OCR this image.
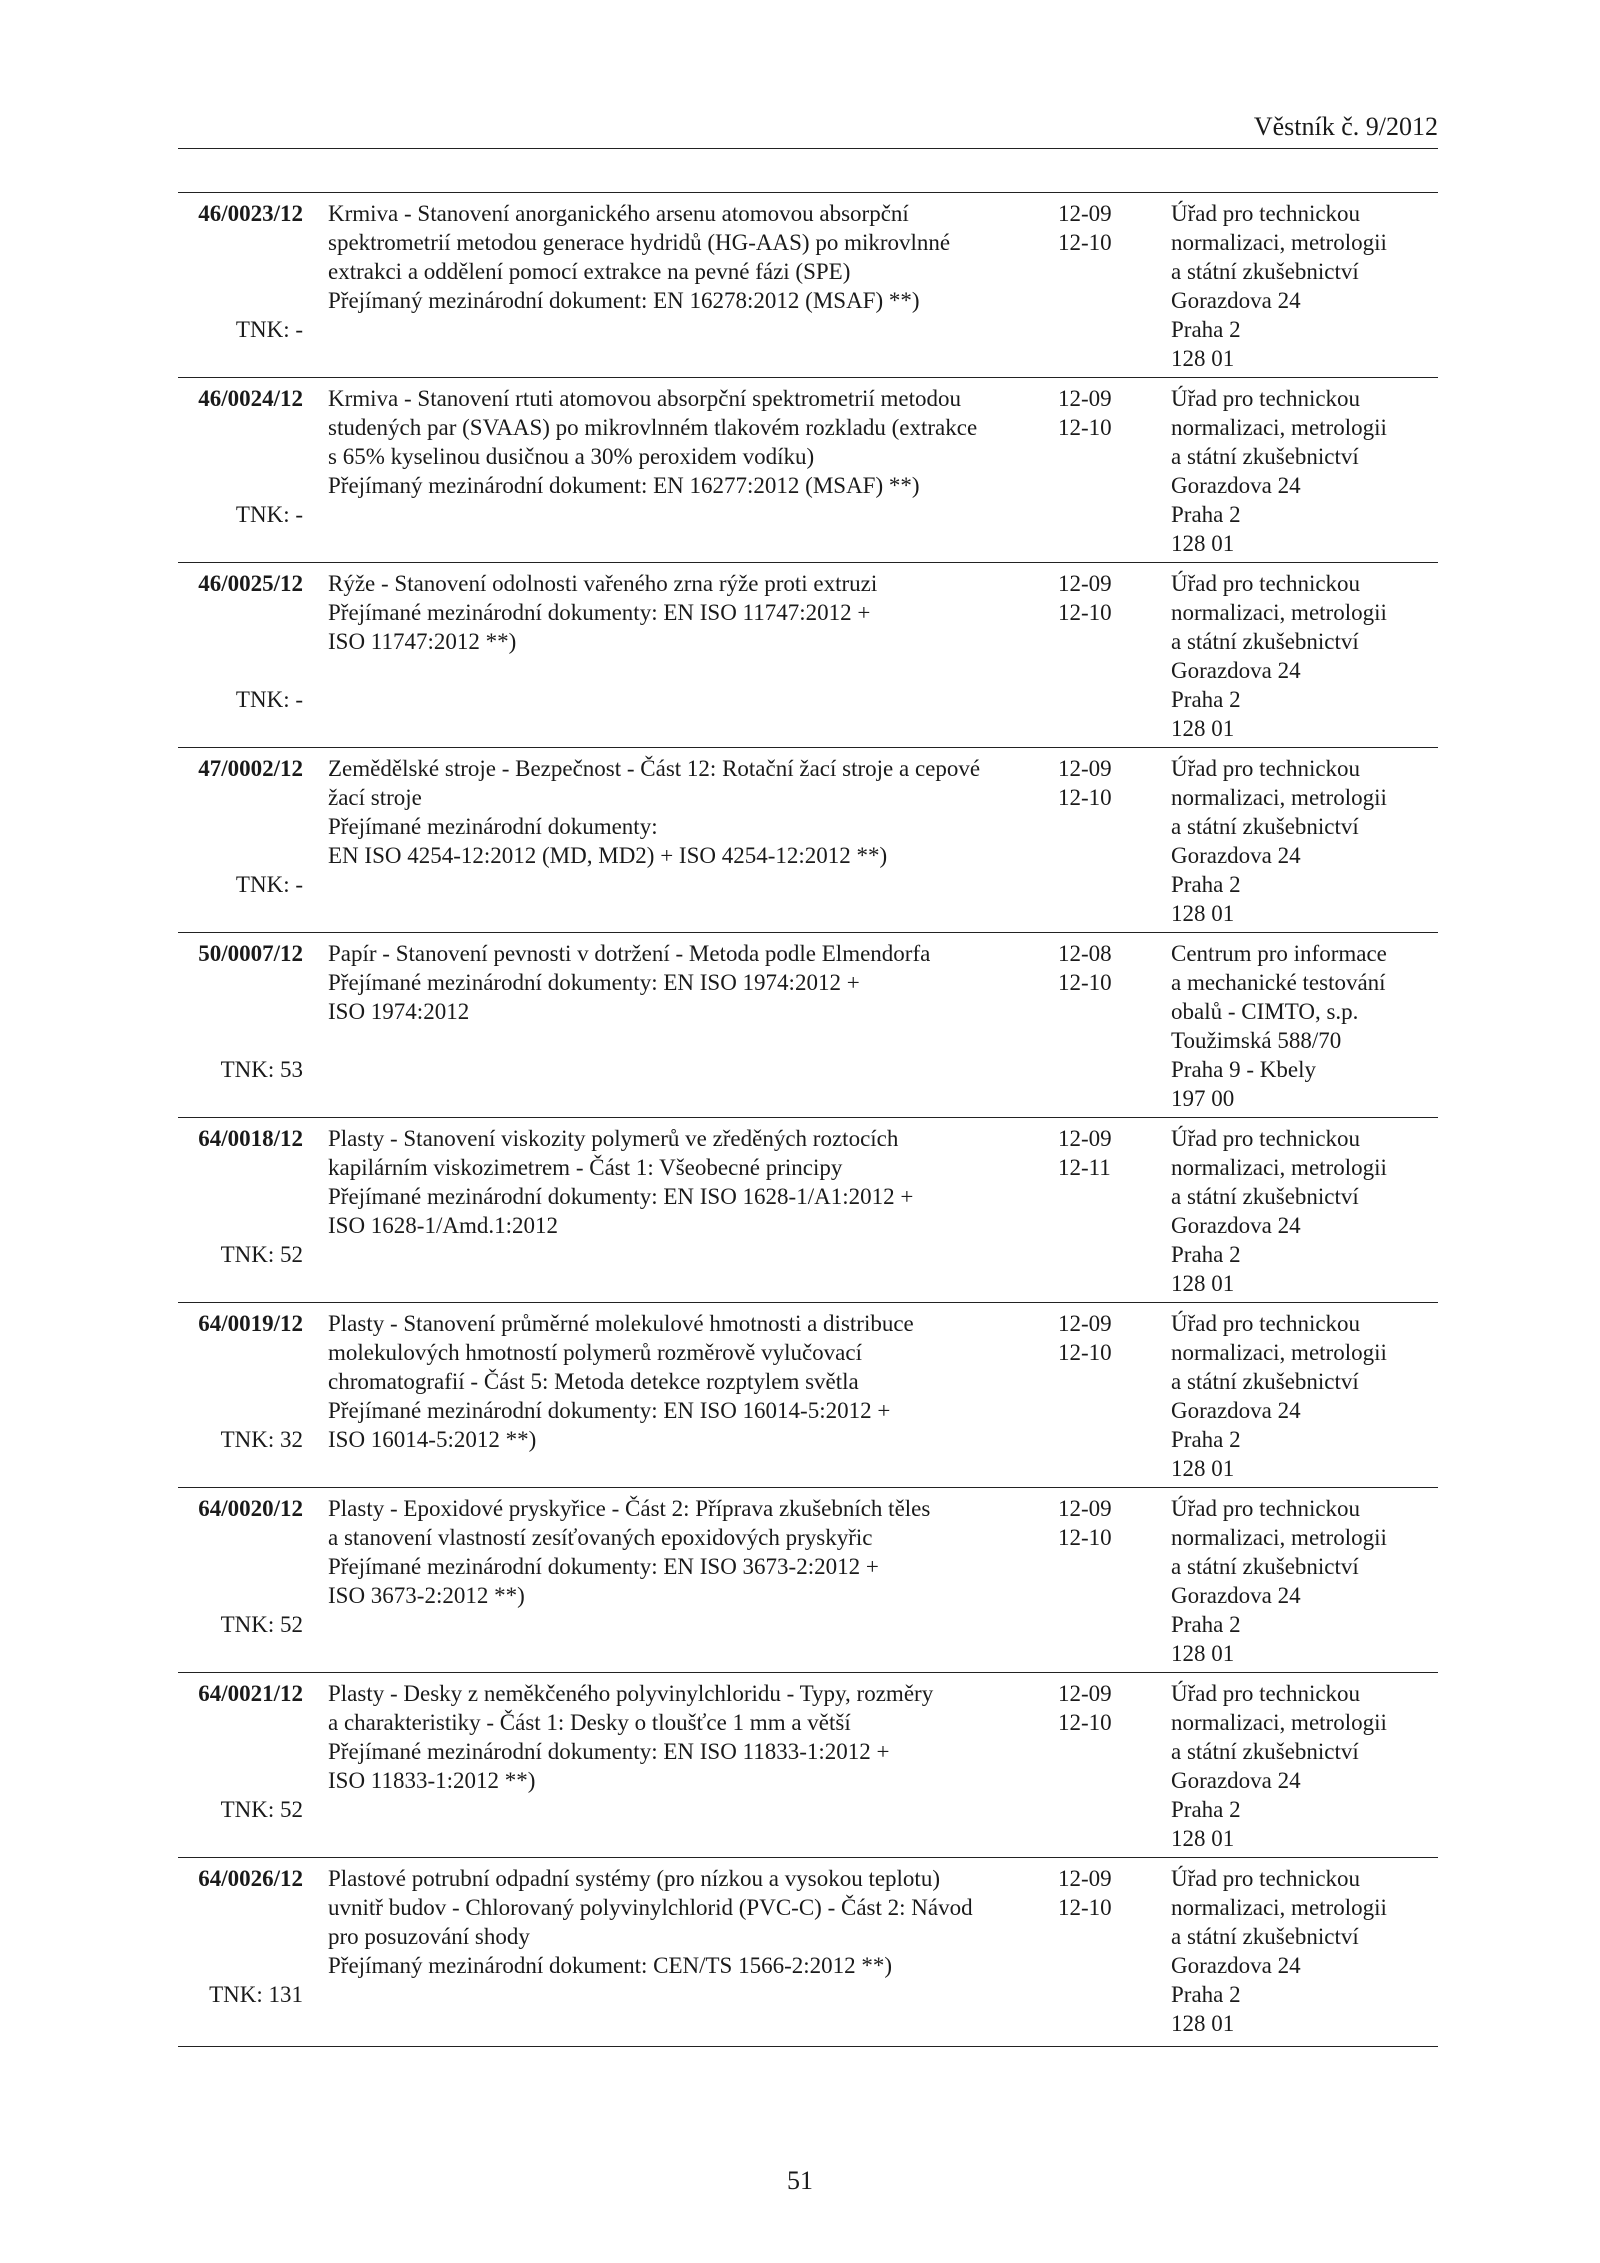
Věstník č. 9/2012
46/0023/12
TNK: -
Krmiva - Stanovení anorganického arsenu atomovou absorpční
spektrometrií metodou generace hydridů (HG-AAS) po mikrovlnné
extrakci a oddělení pomocí extrakce na pevné fázi (SPE)
Přejímaný mezinárodní dokument: EN 16278:2012 (MSAF) **)
12-09
12-10
Úřad pro technickou
normalizaci, metrologii
a státní zkušebnictví
Gorazdova 24
Praha 2
128 01
46/0024/12
TNK: -
Krmiva - Stanovení rtuti atomovou absorpční spektrometrií metodou
studených par (SVAAS) po mikrovlnném tlakovém rozkladu (extrakce
s 65% kyselinou dusičnou a 30% peroxidem vodíku)
Přejímaný mezinárodní dokument: EN 16277:2012 (MSAF) **)
12-09
12-10
Úřad pro technickou
normalizaci, metrologii
a státní zkušebnictví
Gorazdova 24
Praha 2
128 01
46/0025/12
TNK: -
Rýže - Stanovení odolnosti vařeného zrna rýže proti extruzi
Přejímané mezinárodní dokumenty: EN ISO 11747:2012 +
ISO 11747:2012 **)
12-09
12-10
Úřad pro technickou
normalizaci, metrologii
a státní zkušebnictví
Gorazdova 24
Praha 2
128 01
47/0002/12
TNK: -
Zemědělské stroje - Bezpečnost - Část 12: Rotační žací stroje a cepové
žací stroje
Přejímané mezinárodní dokumenty:
EN ISO 4254-12:2012 (MD, MD2) + ISO 4254-12:2012 **)
12-09
12-10
Úřad pro technickou
normalizaci, metrologii
a státní zkušebnictví
Gorazdova 24
Praha 2
128 01
50/0007/12
TNK: 53
Papír - Stanovení pevnosti v dotržení - Metoda podle Elmendorfa
Přejímané mezinárodní dokumenty: EN ISO 1974:2012 +
ISO 1974:2012
12-08
12-10
Centrum pro informace
a mechanické testování
obalů - CIMTO, s.p.
Toužimská 588/70
Praha 9 - Kbely
197 00
64/0018/12
TNK: 52
Plasty - Stanovení viskozity polymerů ve zředěných roztocích
kapilárním viskozimetrem - Část 1: Všeobecné principy
Přejímané mezinárodní dokumenty: EN ISO 1628-1/A1:2012 +
ISO 1628-1/Amd.1:2012
12-09
12-11
Úřad pro technickou
normalizaci, metrologii
a státní zkušebnictví
Gorazdova 24
Praha 2
128 01
64/0019/12
TNK: 32
Plasty - Stanovení průměrné molekulové hmotnosti a distribuce
molekulových hmotností polymerů rozměrově vylučovací
chromatografií - Část 5: Metoda detekce rozptylem světla
Přejímané mezinárodní dokumenty: EN ISO 16014-5:2012 +
ISO 16014-5:2012 **)
12-09
12-10
Úřad pro technickou
normalizaci, metrologii
a státní zkušebnictví
Gorazdova 24
Praha 2
128 01
64/0020/12
TNK: 52
Plasty - Epoxidové pryskyřice - Část 2: Příprava zkušebních těles
a stanovení vlastností zesíťovaných epoxidových pryskyřic
Přejímané mezinárodní dokumenty: EN ISO 3673-2:2012 +
ISO 3673-2:2012 **)
12-09
12-10
Úřad pro technickou
normalizaci, metrologii
a státní zkušebnictví
Gorazdova 24
Praha 2
128 01
64/0021/12
TNK: 52
Plasty - Desky z neměkčeného polyvinylchloridu - Typy, rozměry
a charakteristiky - Část 1: Desky o tloušťce 1 mm a větší
Přejímané mezinárodní dokumenty: EN ISO 11833-1:2012 +
ISO 11833-1:2012 **)
12-09
12-10
Úřad pro technickou
normalizaci, metrologii
a státní zkušebnictví
Gorazdova 24
Praha 2
128 01
64/0026/12
TNK: 131
Plastové potrubní odpadní systémy (pro nízkou a vysokou teplotu)
uvnitř budov - Chlorovaný polyvinylchlorid (PVC-C) - Část 2: Návod
pro posuzování shody
Přejímaný mezinárodní dokument: CEN/TS 1566-2:2012 **)
12-09
12-10
Úřad pro technickou
normalizaci, metrologii
a státní zkušebnictví
Gorazdova 24
Praha 2
128 01
51
